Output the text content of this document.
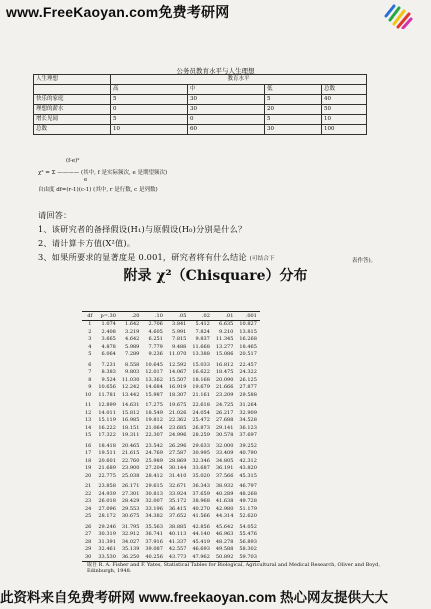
www.FreeKaoyan.com免费考研网
公务员教育水平与人生理想
人生理想	教育水平			
	高	中	低	总数
快乐的家庭	5	30	5	40
理想的薪水	0	30	20	50
增长见闻	5	0	5	10
总数	10	60	30	100
(f-e)²
χ² = Σ ———— (其中, f 是实际频次, e 是期望频次)
e
自由度 df=(r-1)(c-1) (其中, r 是行数, c 是列数)
请回答：
1、该研究者的备择假设(H₁)与原假设(H₀)分别是什么？
2、请计算卡方值(X²值)。
3、如果所要求的显著度是 0.001，研究者将有什么结论 (可结合下	表作答)。
附录 χ²（Chisquare）分布
df	p=.30	.20	.10	.05	.02	.01	.001
1	1.074	1.642	2.706	3.841	5.412	6.635	10.827
2	2.408	3.219	4.605	5.991	7.824	9.210	13.815
3	3.665	4.642	6.251	7.815	9.837	11.345	16.268
4	4.878	5.989	7.779	9.488	11.668	13.277	18.465
5	6.064	7.289	9.236	11.070	13.388	15.086	20.517
6	7.231	8.558	10.645	12.592	15.033	16.812	22.457
7	8.383	9.803	12.017	14.067	16.622	18.475	24.322
8	9.524	11.030	13.362	15.507	18.168	20.090	26.125
9	10.656	12.242	14.684	16.919	19.679	21.666	27.877
10	11.781	13.442	15.987	18.307	21.161	23.209	29.588
11	12.899	14.631	17.275	19.675	22.618	24.725	31.264
12	14.011	15.812	18.549	21.026	24.054	26.217	32.909
13	15.119	16.985	19.812	22.362	25.472	27.688	34.528
14	16.222	18.151	21.064	23.685	26.873	29.141	36.123
15	17.322	19.311	22.307	24.996	28.259	30.578	37.697
16	18.418	20.465	23.542	26.296	29.633	32.000	39.252
17	19.511	21.615	24.769	27.587	30.995	33.409	40.790
18	20.601	22.760	25.989	28.869	32.346	34.805	42.312
19	21.689	23.900	27.204	30.144	33.687	36.191	43.820
20	22.775	25.038	28.412	31.410	35.020	37.566	45.315
21	23.858	26.171	29.615	32.671	36.343	38.932	46.797
22	24.939	27.301	30.813	33.924	37.659	40.289	48.268
23	26.018	28.429	32.007	35.172	38.968	41.638	49.728
24	27.096	29.553	33.196	36.415	40.270	42.980	51.179
25	28.172	30.675	34.382	37.652	41.566	44.314	52.620
26	29.246	31.795	35.563	38.885	42.856	45.642	54.052
27	30.319	32.912	36.741	40.113	44.140	46.963	55.476
28	31.391	34.027	37.916	41.337	45.419	48.278	56.893
29	32.461	35.139	39.087	42.557	46.693	49.588	58.302
30	33.530	36.250	40.256	43.773	47.962	50.892	59.703
取自 R. A. Fisher and F. Yates, Statistical Tables for Biological, Agricultural and Medical Research, Oliver and Boyd, Edinburgh, 1948.
此资料来自免费考研网 www.freekaoyan.com 热心网友提供大大
